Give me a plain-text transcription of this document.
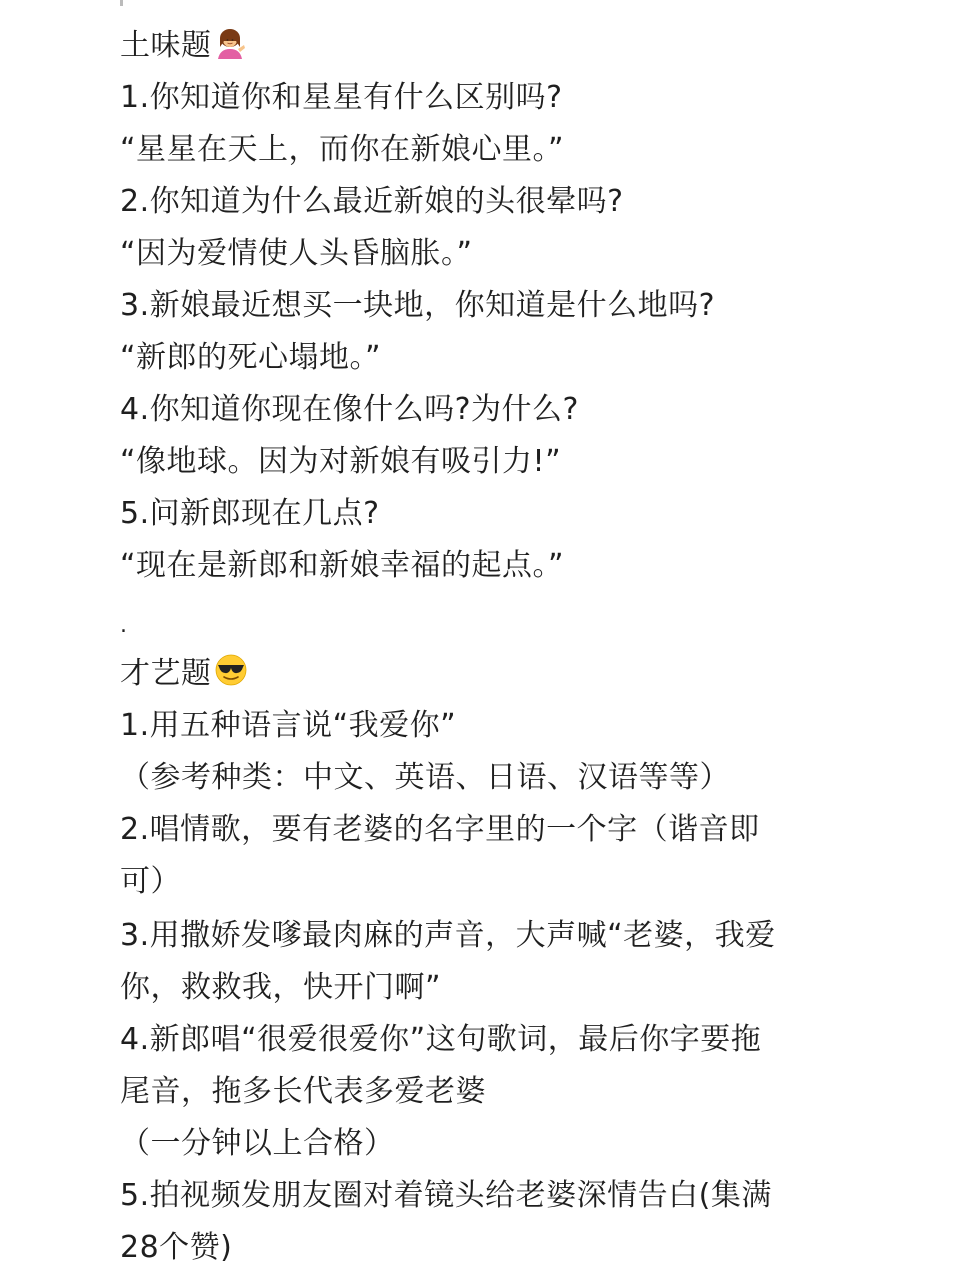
土味题
1.你知道你和星星有什么区别吗?
“星星在天上，而你在新娘心里。”
2.你知道为什么最近新娘的头很晕吗?
“因为爱情使人头昏脑胀。”
3.新娘最近想买一块地，你知道是什么地吗?
“新郎的死心塌地。”
4.你知道你现在像什么吗?为什么?
“像地球。因为对新娘有吸引力!”
5.问新郎现在几点?
“现在是新郎和新娘幸福的起点。”
.
才艺题
1.用五种语言说“我爱你”
（参考种类：中文、英语、日语、汉语等等）
2.唱情歌，要有老婆的名字里的一个字（谐音即
可）
3.用撒娇发嗲最肉麻的声音，大声喊“老婆，我爱
你，救救我，快开门啊”
4.新郎唱“很爱很爱你”这句歌词，最后你字要拖
尾音，拖多长代表多爱老婆
（一分钟以上合格）
5.拍视频发朋友圈对着镜头给老婆深情告白(集满
28个赞)
